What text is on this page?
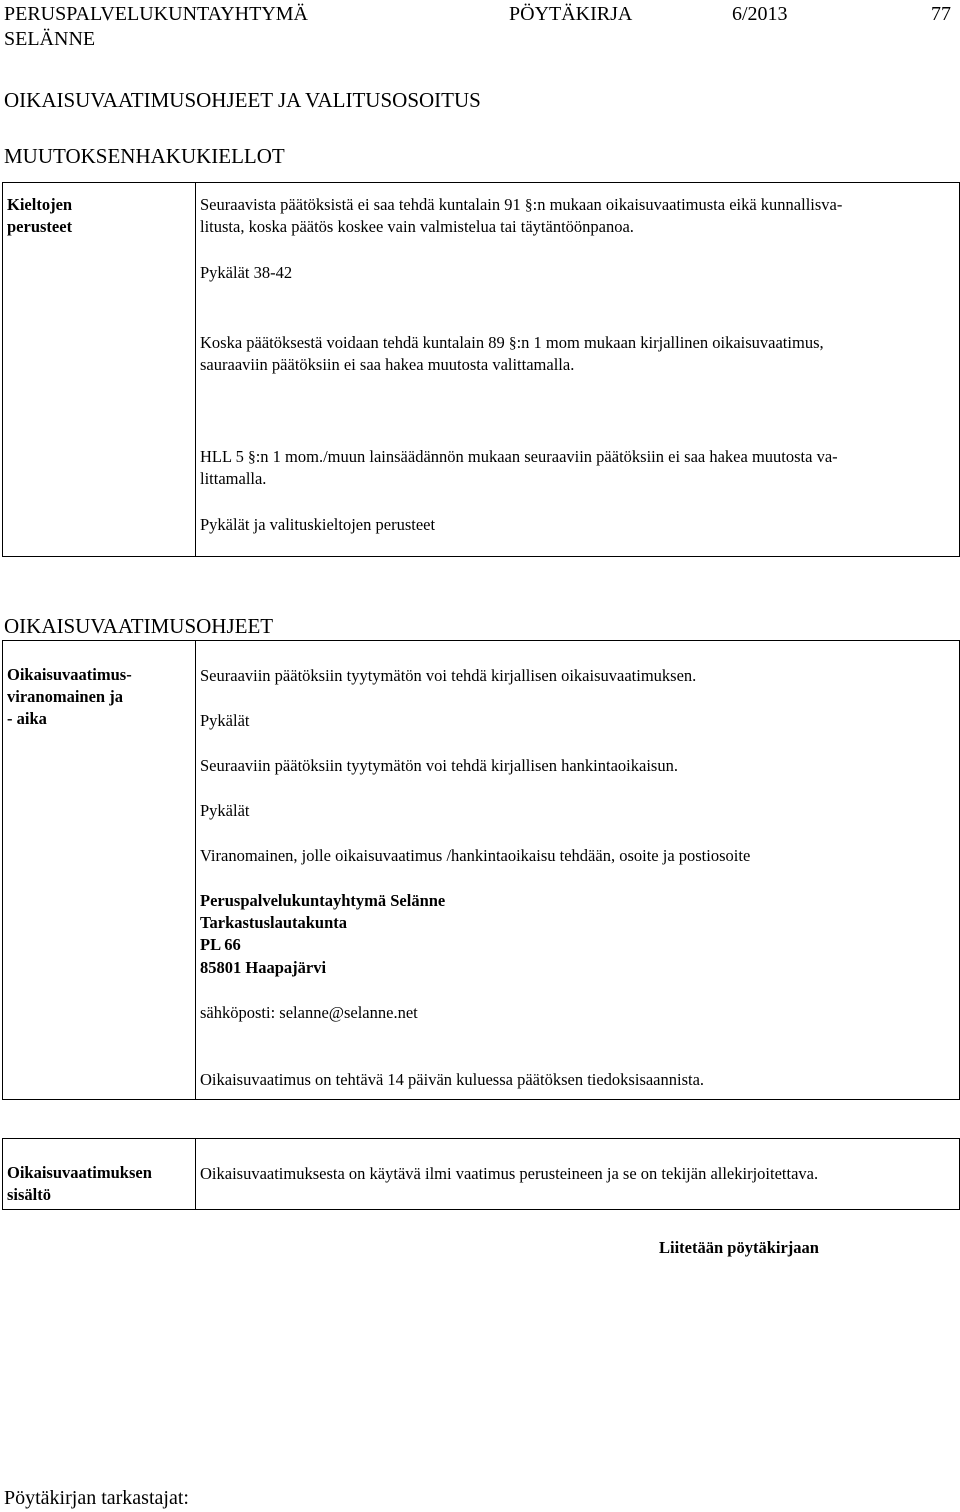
PERUSPALVELUKUNTAYHTYMÄ
SELÄNNE
PÖYTÄKIRJA	6/2013	77
OIKAISUVAATIMUSOHJEET JA VALITUSOSOITUS
MUUTOKSENHAKUKIELLOT
Kieltojen
perusteet
Seuraavista päätöksistä ei saa tehdä kuntalain 91 §:n mukaan oikaisuvaatimusta eikä kunnallisva-
litusta, koska päätös koskee vain valmistelua tai täytäntöönpanoa.
Pykälät 38-42
Koska päätöksestä voidaan tehdä kuntalain 89 §:n 1 mom mukaan kirjallinen oikaisuvaatimus,
sauraaviin päätöksiin ei saa hakea muutosta valittamalla.
HLL 5 §:n 1 mom./muun lainsäädännön mukaan seuraaviin päätöksiin ei saa hakea muutosta va-
littamalla.
Pykälät ja valituskieltojen perusteet
OIKAISUVAATIMUSOHJEET
Oikaisuvaatimus-
viranomainen ja
- aika
Seuraaviin päätöksiin tyytymätön voi tehdä kirjallisen oikaisuvaatimuksen.
Pykälät
Seuraaviin päätöksiin tyytymätön voi tehdä kirjallisen hankintaoikaisun.
Pykälät
Viranomainen, jolle oikaisuvaatimus /hankintaoikaisu tehdään, osoite ja postiosoite
Peruspalvelukuntayhtymä Selänne
Tarkastuslautakunta
PL 66
85801 Haapajärvi
sähköposti: selanne@selanne.net
Oikaisuvaatimus on tehtävä 14 päivän kuluessa päätöksen tiedoksisaannista.
Oikaisuvaatimuksen
sisältö
Oikaisuvaatimuksesta on käytävä ilmi vaatimus perusteineen ja se on tekijän allekirjoitettava.
Liitetään pöytäkirjaan
Pöytäkirjan tarkastajat:
